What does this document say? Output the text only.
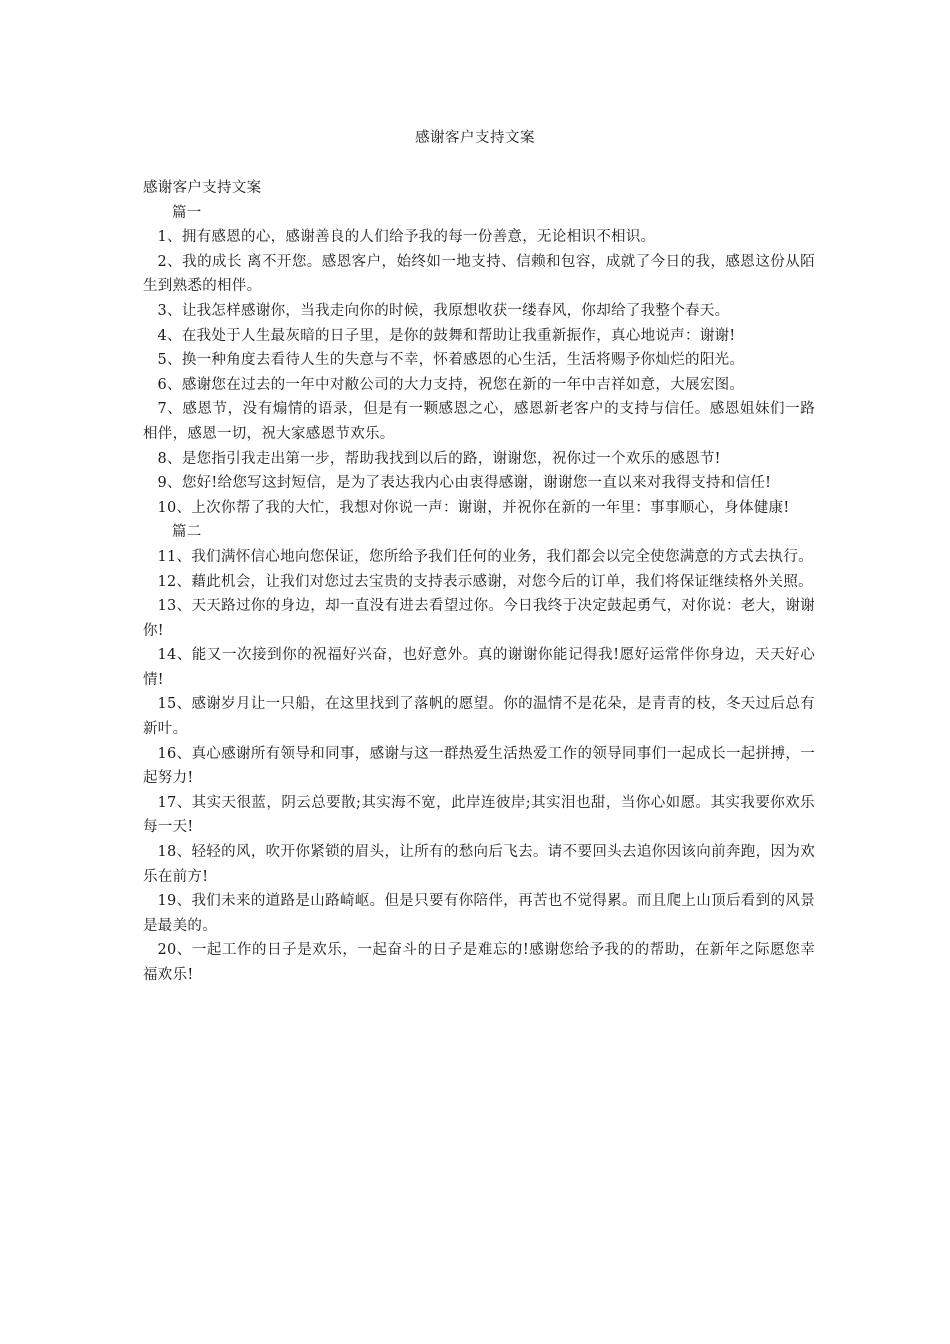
感谢客户支持文案

感谢客户支持文案

篇一

1、拥有感恩的心，感谢善良的人们给予我的每一份善意，无论相识不相识。

2、我的成长 离不开您。感恩客户，始终如一地支持、信赖和包容，成就了今日的我，感恩这份从陌生到熟悉的相伴。

3、让我怎样感谢你，当我走向你的时候，我原想收获一缕春风，你却给了我整个春天。

4、在我处于人生最灰暗的日子里，是你的鼓舞和帮助让我重新振作，真心地说声：谢谢!

5、换一种角度去看待人生的失意与不幸，怀着感恩的心生活，生活将赐予你灿烂的阳光。

6、感谢您在过去的一年中对敝公司的大力支持，祝您在新的一年中吉祥如意，大展宏图。

7、感恩节，没有煽情的语录，但是有一颗感恩之心，感恩新老客户的支持与信任。感恩姐妹们一路相伴，感恩一切，祝大家感恩节欢乐。

8、是您指引我走出第一步，帮助我找到以后的路，谢谢您，祝你过一个欢乐的感恩节!

9、您好!给您写这封短信，是为了表达我内心由衷得感谢，谢谢您一直以来对我得支持和信任!

10、上次你帮了我的大忙，我想对你说一声：谢谢，并祝你在新的一年里：事事顺心，身体健康!

篇二

11、我们满怀信心地向您保证，您所给予我们任何的业务，我们都会以完全使您满意的方式去执行。

12、藉此机会，让我们对您过去宝贵的支持表示感谢，对您今后的订单，我们将保证继续格外关照。

13、天天路过你的身边，却一直没有进去看望过你。今日我终于决定鼓起勇气，对你说：老大，谢谢你!

14、能又一次接到你的祝福好兴奋，也好意外。真的谢谢你能记得我!愿好运常伴你身边，天天好心情!

15、感谢岁月让一只船，在这里找到了落帆的愿望。你的温情不是花朵，是青青的枝，冬天过后总有新叶。

16、真心感谢所有领导和同事，感谢与这一群热爱生活热爱工作的领导同事们一起成长一起拼搏，一起努力!

17、其实天很蓝，阴云总要散;其实海不宽，此岸连彼岸;其实泪也甜，当你心如愿。其实我要你欢乐每一天!

18、轻轻的风，吹开你紧锁的眉头，让所有的愁向后飞去。请不要回头去追你因该向前奔跑，因为欢乐在前方!

19、我们未来的道路是山路崎岖。但是只要有你陪伴，再苦也不觉得累。而且爬上山顶后看到的风景是最美的。

20、一起工作的日子是欢乐，一起奋斗的日子是难忘的!感谢您给予我的的帮助，在新年之际愿您幸福欢乐!
